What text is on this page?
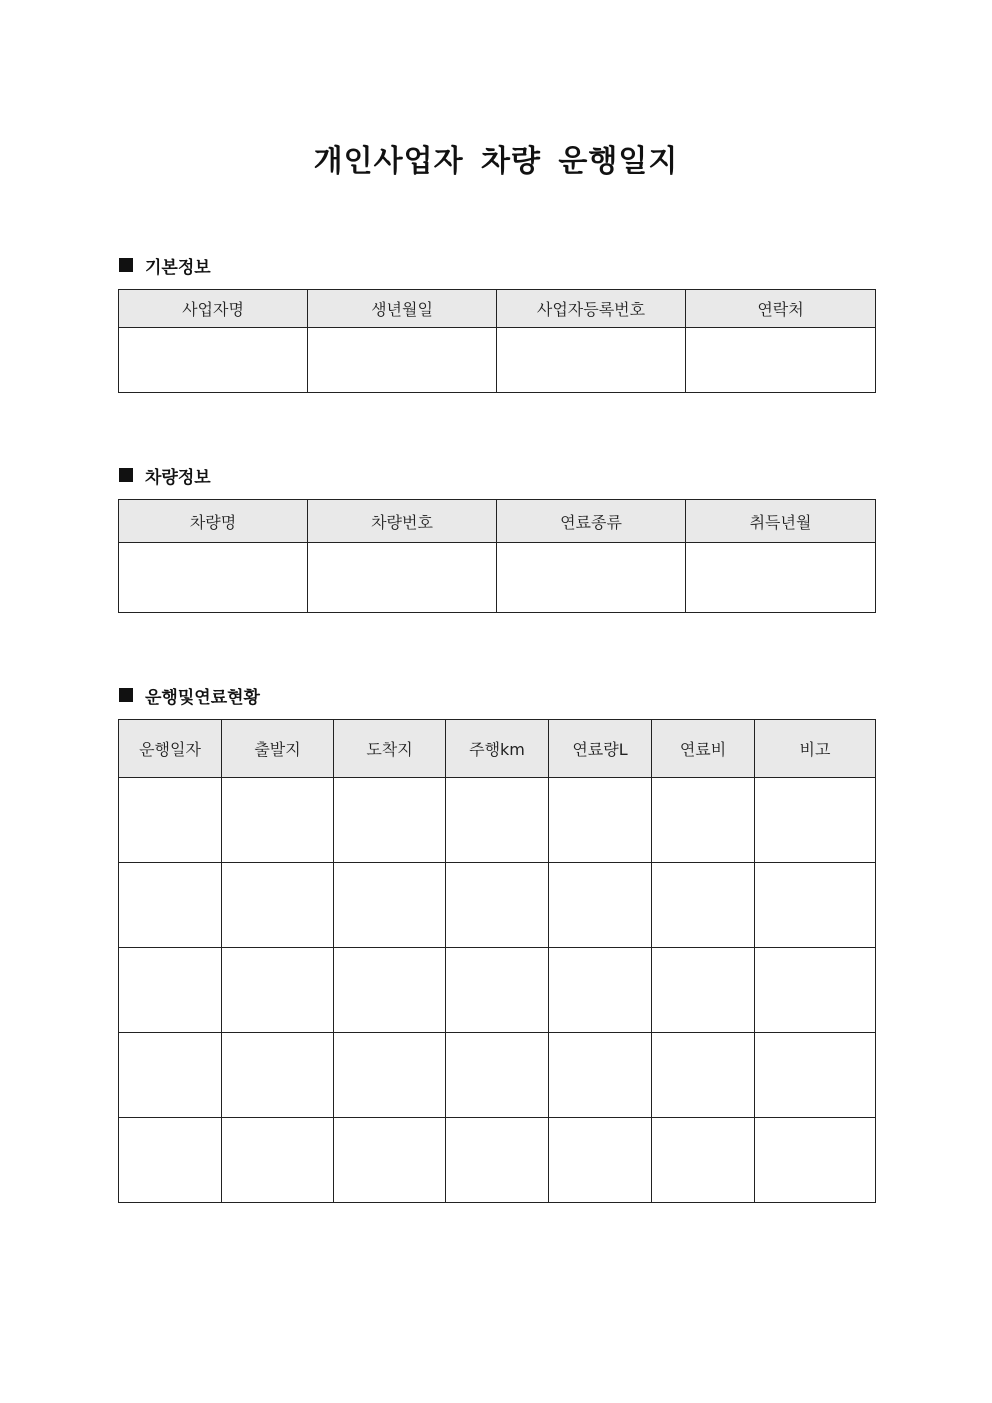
개인사업자 차량 운행일지
기본정보
사업자명	생년월일	사업자등록번호	연락처

차량정보
차량명	차량번호	연료종류	취득년월

운행및연료현황
운행일자	출발지	도착지	주행km	연료량L	연료비	비고
